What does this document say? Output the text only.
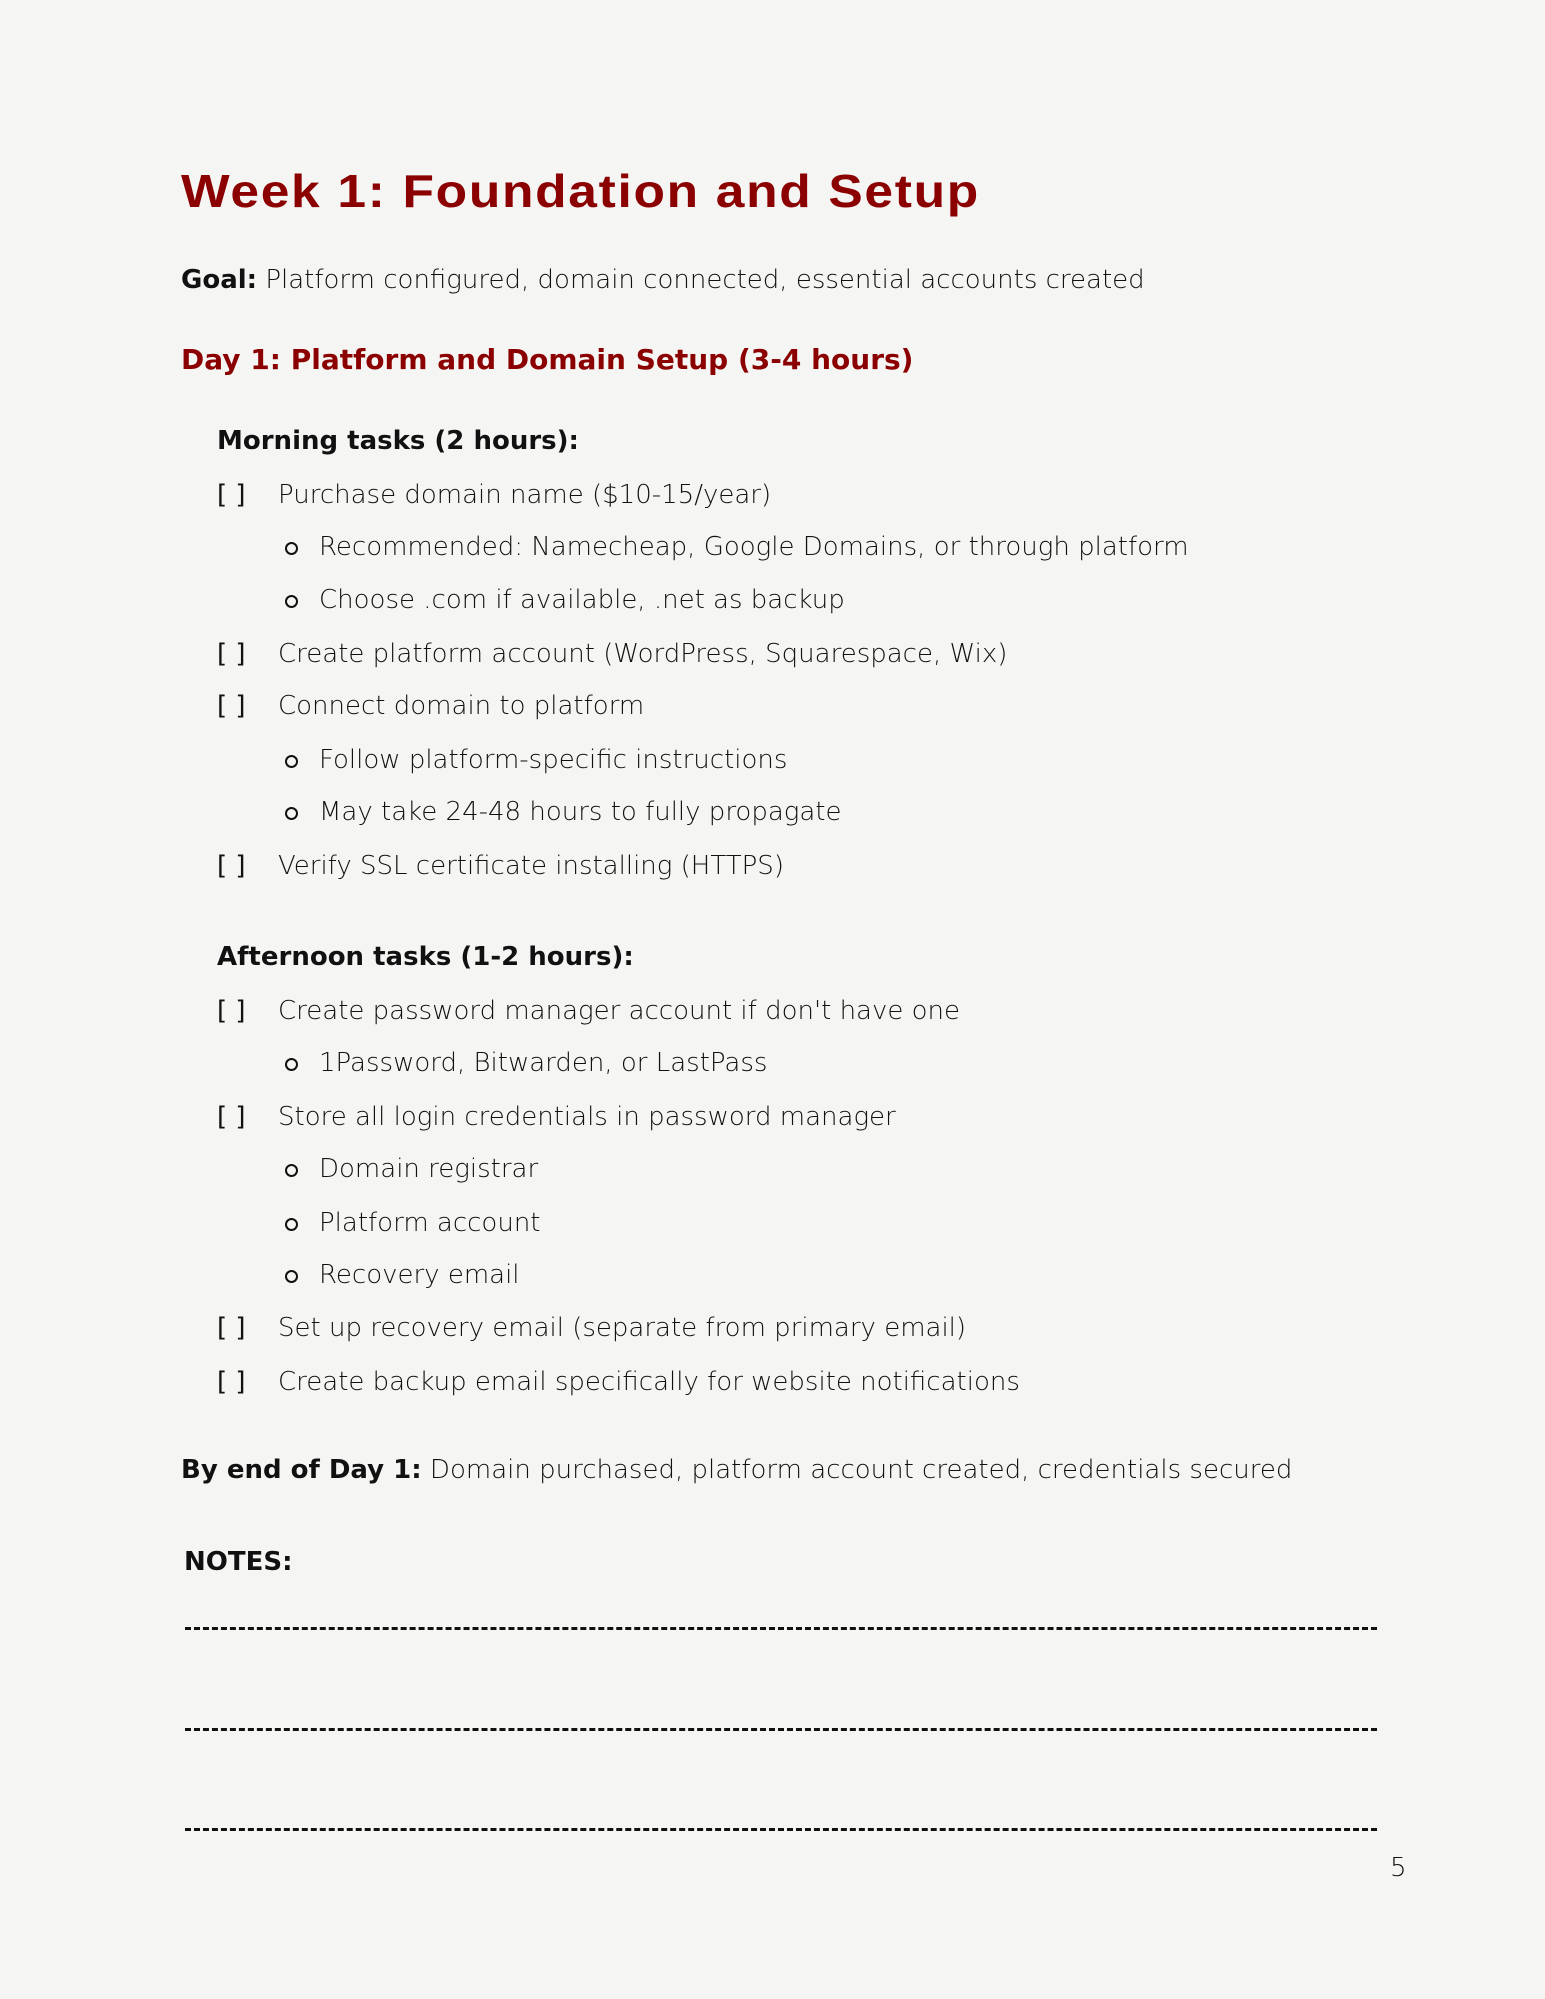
Week 1: Foundation and Setup
Goal: Platform configured, domain connected, essential accounts created
Day 1: Platform and Domain Setup (3-4 hours)
Morning tasks (2 hours):
Afternoon tasks (1-2 hours):
[ ] Purchase domain name ($10-15/year)
Recommended: Namecheap, Google Domains, or through platform
Choose .com if available, .net as backup
[ ] Create platform account (WordPress, Squarespace, Wix)
[ ] Connect domain to platform
Follow platform-specific instructions
May take 24-48 hours to fully propagate
[ ] Verify SSL certificate installing (HTTPS)
[ ] Create password manager account if don't have one
1Password, Bitwarden, or LastPass
[ ] Store all login credentials in password manager
Domain registrar
Platform account
Recovery email
[ ] Set up recovery email (separate from primary email)
[ ] Create backup email specifically for website notifications
By end of Day 1: Domain purchased, platform account created, credentials secured
NOTES:
5
